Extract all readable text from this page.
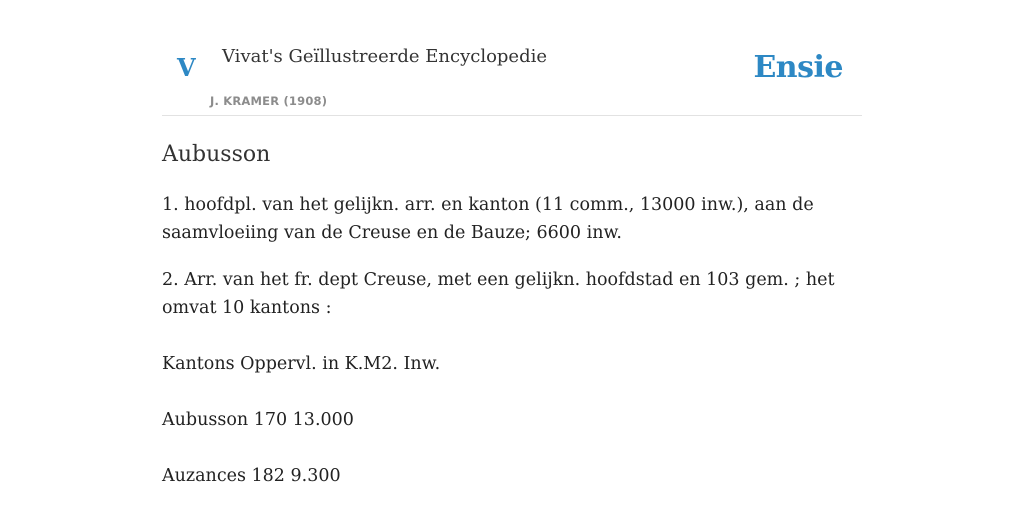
V Vivat's Geïllustreerde Encyclopedie
J. KRAMER (1908)
Ensie
Aubusson

1. hoofdpl. van het gelijkn. arr. en kanton (11 comm., 13000 inw.), aan de saamvloeiing van de Creuse en de Bauze; 6600 inw.

2. Arr. van het fr. dept Creuse, met een gelijkn. hoofdstad en 103 gem. ; het omvat 10 kantons :

Kantons Oppervl. in K.M2. Inw.

Aubusson 170 13.000

Auzances 182 9.300
